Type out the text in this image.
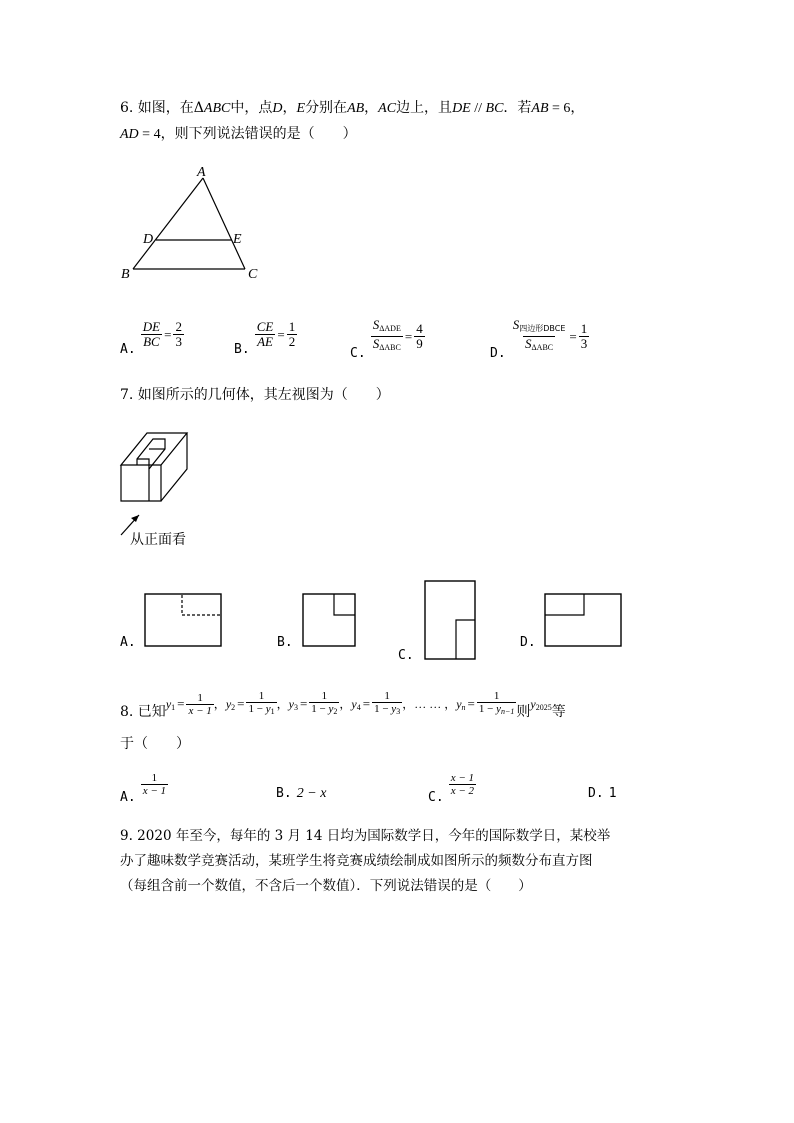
6. 如图，在ΔABC中，点D，E分别在AB，AC边上，且DE // BC．若AB = 6，
AD = 4，则下列说法错误的是（　　）
A
D	E
B	C
$_{A.}$
$\frac{DE}{BC} = \frac{2}{3}$
$_{B.}$
$\frac{CE}{AE} = \frac{1}{2}$
$_{C.} \frac{S_{\Delta ADE}}{S_{\Delta ABC}} = \frac{4}{9}$
$_{D.} \frac{S_{四边形DBCE}}{S_{\Delta ABC}} = \frac{1}{3}$
7. 如图所示的几何体，其左视图为（　　）
从正面看
A.	B.
C.
D.
8. 已知$y_1 = \frac{1}{x - 1}$ ，$y_2 = \frac{1}{1 - y_1}$ ，$y_3 = \frac{1}{1 - y_2}$ ，$y_4 = \frac{1}{1 - y_3}$ ，… … ，$y_n = \frac{1}{1 - y_{n-1}}$ 则$y_{2025}$等
于（　　）
$_{A.}$
$\frac{1}{x - 1}$	B. 2 − x	$_{C.}$
$\frac{x - 1}{x - 2}$	D. 1
9. 2020 年至今，每年的 3 月 14 日均为国际数学日，今年的国际数学日，某校举
办了趣味数学竞赛活动，某班学生将竞赛成绩绘制成如图所示的频数分布直方图
（每组含前一个数值，不含后一个数值）．下列说法错误的是（　　）
